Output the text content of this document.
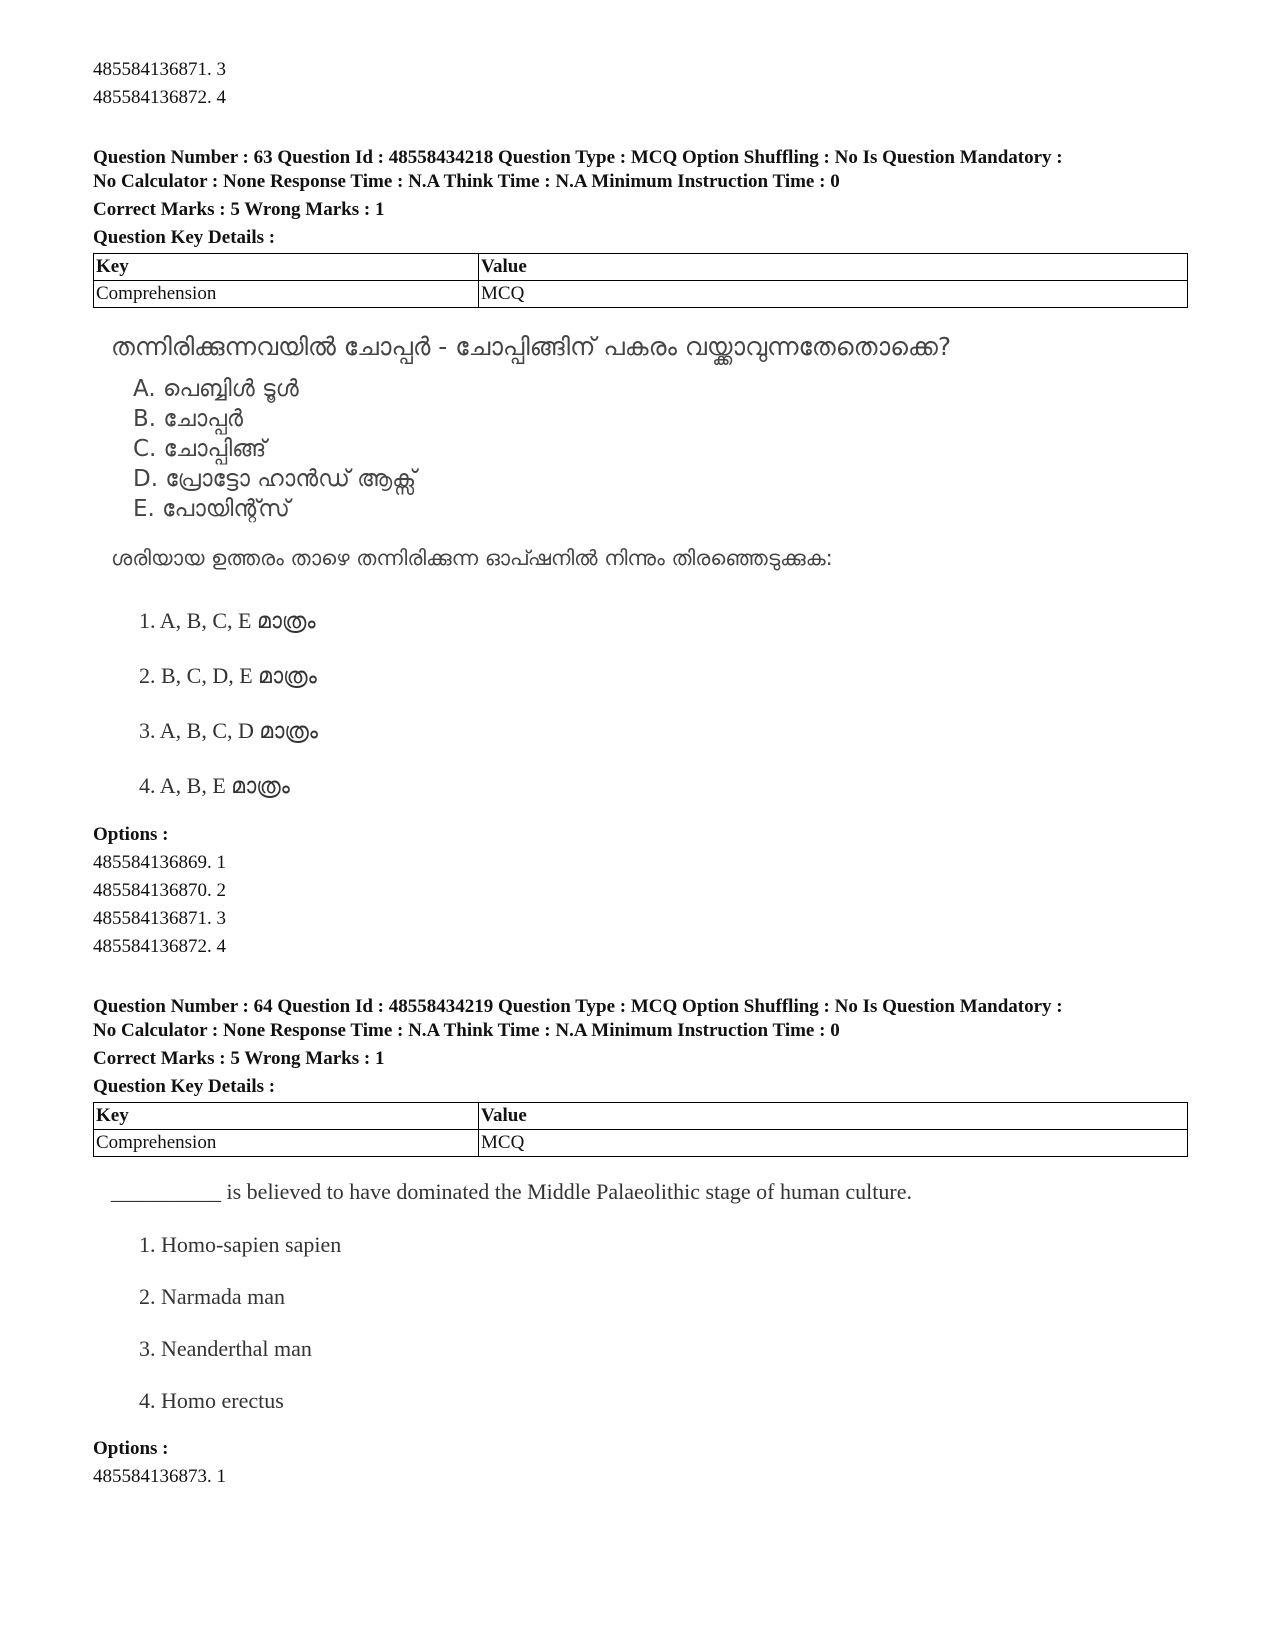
485584136871. 3
485584136872. 4
Question Number : 63 Question Id : 48558434218 Question Type : MCQ Option Shuffling : No Is Question Mandatory :
No Calculator : None Response Time : N.A Think Time : N.A Minimum Instruction Time : 0
Correct Marks : 5 Wrong Marks : 1
Question Key Details :
Key	Value
Comprehension	MCQ
തന്നിരിക്കുന്നവയിൽ ചോപ്പർ - ചോപ്പിങ്ങിന് പകരം വയ്ക്കാവുന്നതേതൊക്കെ?
A. പെബ്ബിൾ ടൂൾ
B. ചോപ്പർ
C. ചോപ്പിങ്ങ്
D. പ്രോട്ടോ ഹാൻഡ് ആക്സ്
E. പോയിന്റ്സ്
ശരിയായ ഉത്തരം താഴെ തന്നിരിക്കുന്ന ഓപ്ഷനിൽ നിന്നും തിരഞ്ഞെടുക്കുക:
1. A, B, C, E മാത്രം
2. B, C, D, E മാത്രം
3. A, B, C, D മാത്രം
4. A, B, E മാത്രം
Options :
485584136869. 1
485584136870. 2
485584136871. 3
485584136872. 4
Question Number : 64 Question Id : 48558434219 Question Type : MCQ Option Shuffling : No Is Question Mandatory :
No Calculator : None Response Time : N.A Think Time : N.A Minimum Instruction Time : 0
Correct Marks : 5 Wrong Marks : 1
Question Key Details :
Key	Value
Comprehension	MCQ
__________ is believed to have dominated the Middle Palaeolithic stage of human culture.
1. Homo-sapien sapien
2. Narmada man
3. Neanderthal man
4. Homo erectus
Options :
485584136873. 1
